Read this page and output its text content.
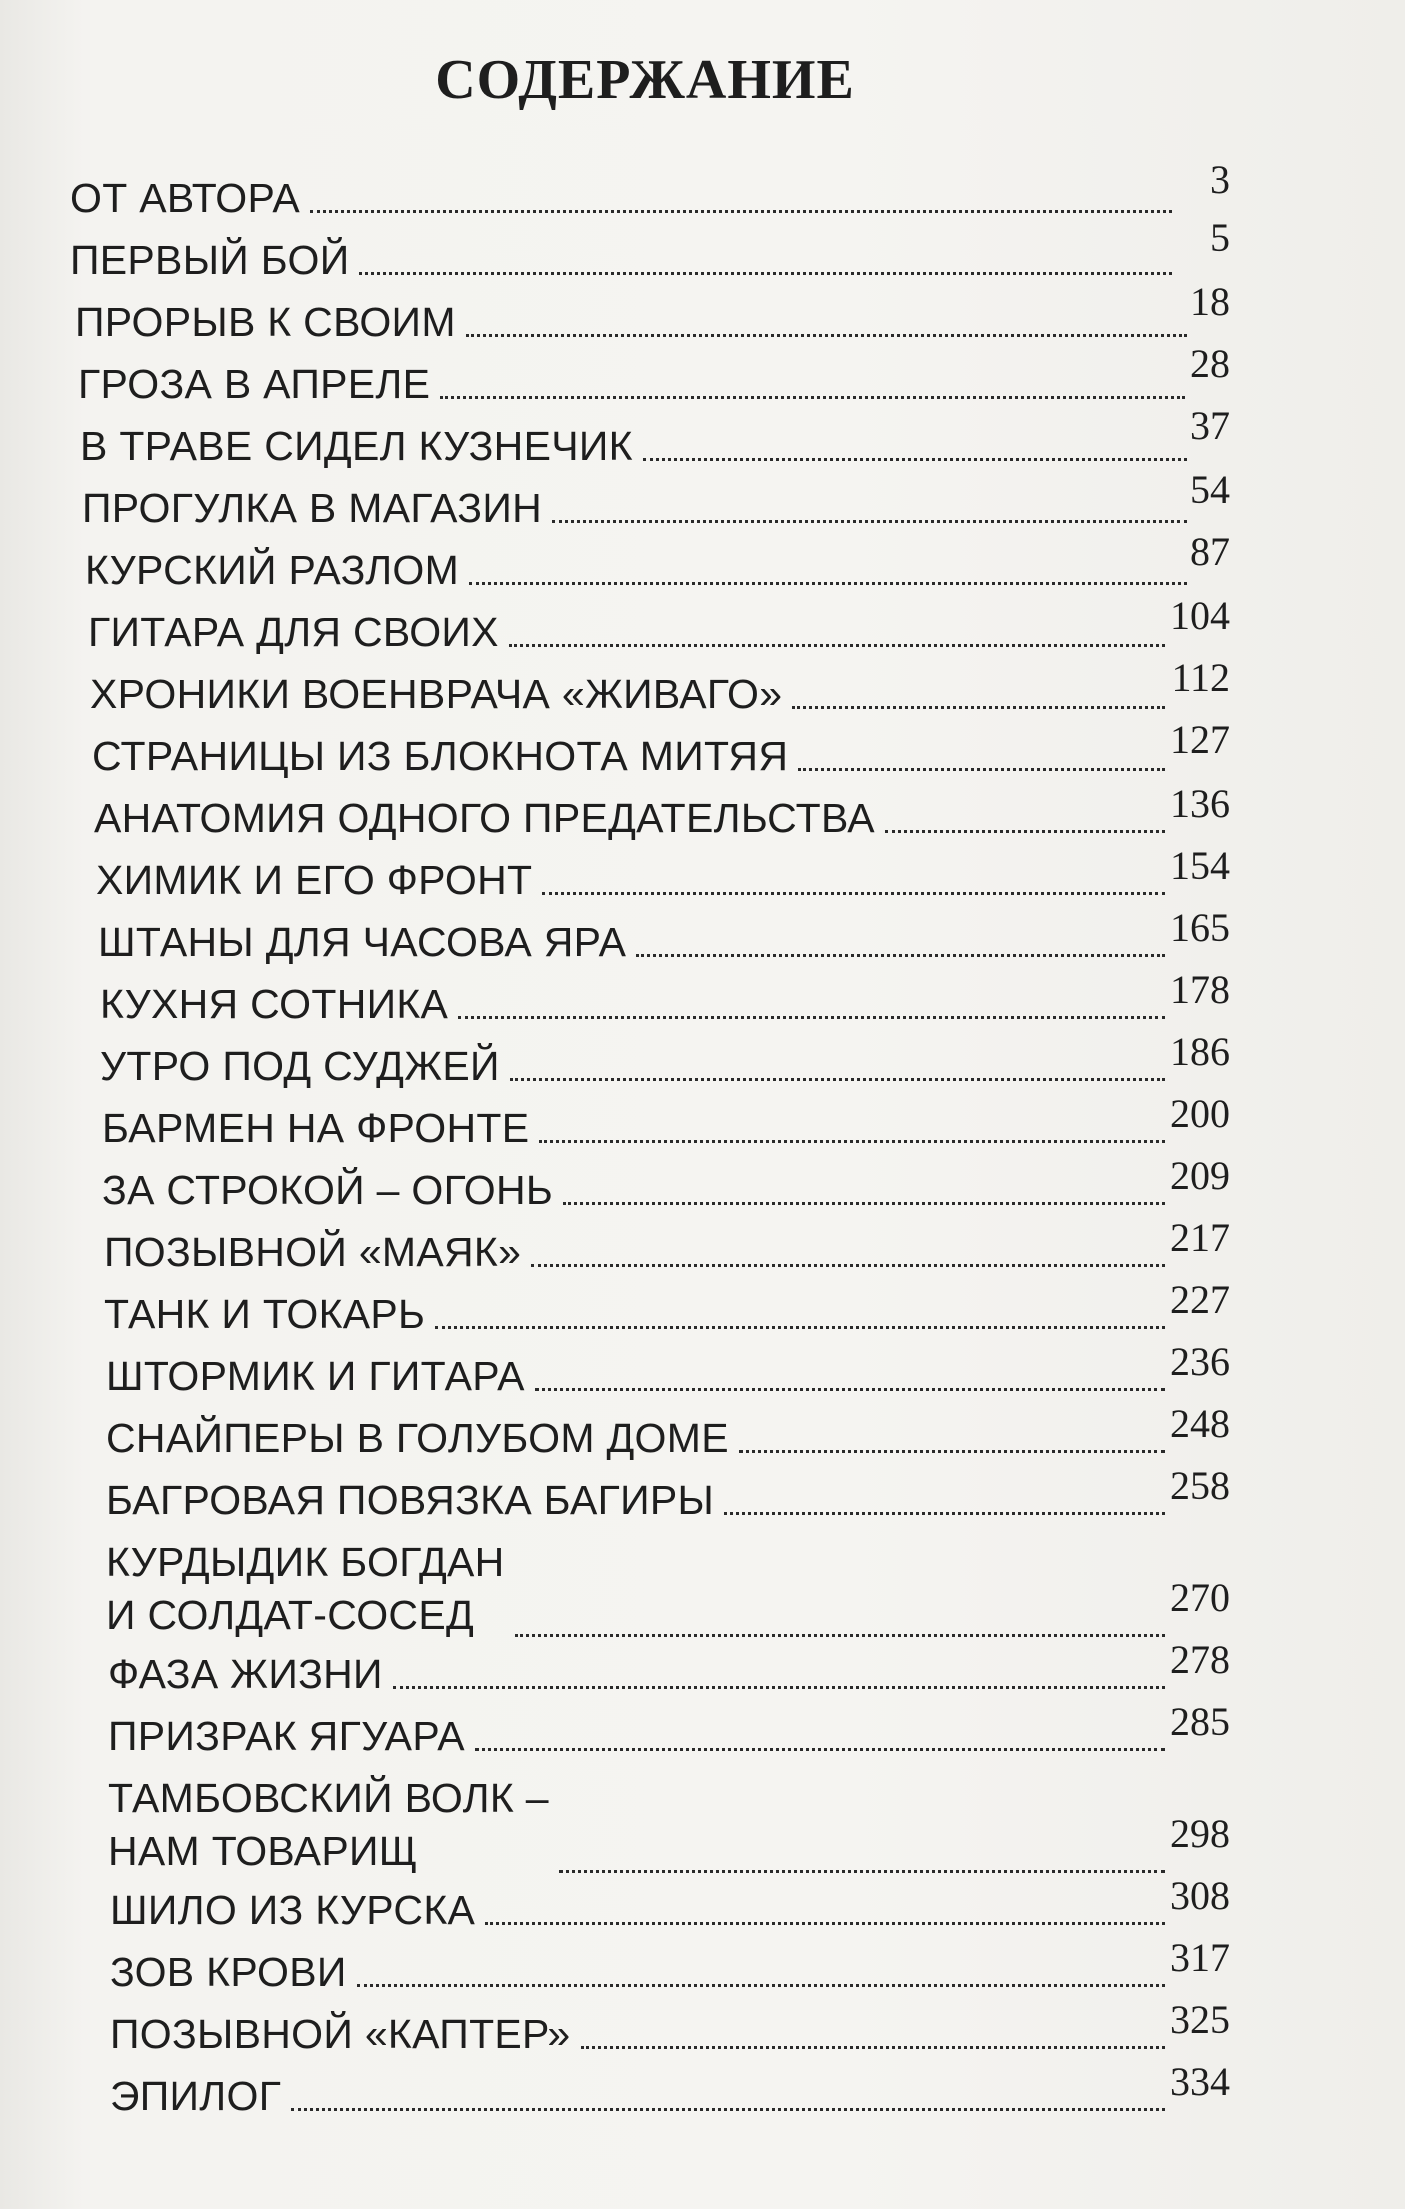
СОДЕРЖАНИЕ
ОТ АВТОРА	3
ПЕРВЫЙ БОЙ	5
ПРОРЫВ К СВОИМ	18
ГРОЗА В АПРЕЛЕ	28
В ТРАВЕ СИДЕЛ КУЗНЕЧИК	37
ПРОГУЛКА В МАГАЗИН	54
КУРСКИЙ РАЗЛОМ	87
ГИТАРА ДЛЯ СВОИХ	104
ХРОНИКИ ВОЕНВРАЧА «ЖИВАГО»	112
СТРАНИЦЫ ИЗ БЛОКНОТА МИТЯЯ	127
АНАТОМИЯ ОДНОГО ПРЕДАТЕЛЬСТВА	136
ХИМИК И ЕГО ФРОНТ	154
ШТАНЫ ДЛЯ ЧАСОВА ЯРА	165
КУХНЯ СОТНИКА	178
УТРО ПОД СУДЖЕЙ	186
БАРМЕН НА ФРОНТЕ	200
ЗА СТРОКОЙ – ОГОНЬ	209
ПОЗЫВНОЙ «МАЯК»	217
ТАНК И ТОКАРЬ	227
ШТОРМИК И ГИТАРА	236
СНАЙПЕРЫ В ГОЛУБОМ ДОМЕ	248
БАГРОВАЯ ПОВЯЗКА БАГИРЫ	258
КУРДЫДИК БОГДАН
И СОЛДАТ-СОСЕД	270
ФАЗА ЖИЗНИ	278
ПРИЗРАК ЯГУАРА	285
ТАМБОВСКИЙ ВОЛК –
НАМ ТОВАРИЩ	298
ШИЛО ИЗ КУРСКА	308
ЗОВ КРОВИ	317
ПОЗЫВНОЙ «КАПТЕР»	325
ЭПИЛОГ	334
